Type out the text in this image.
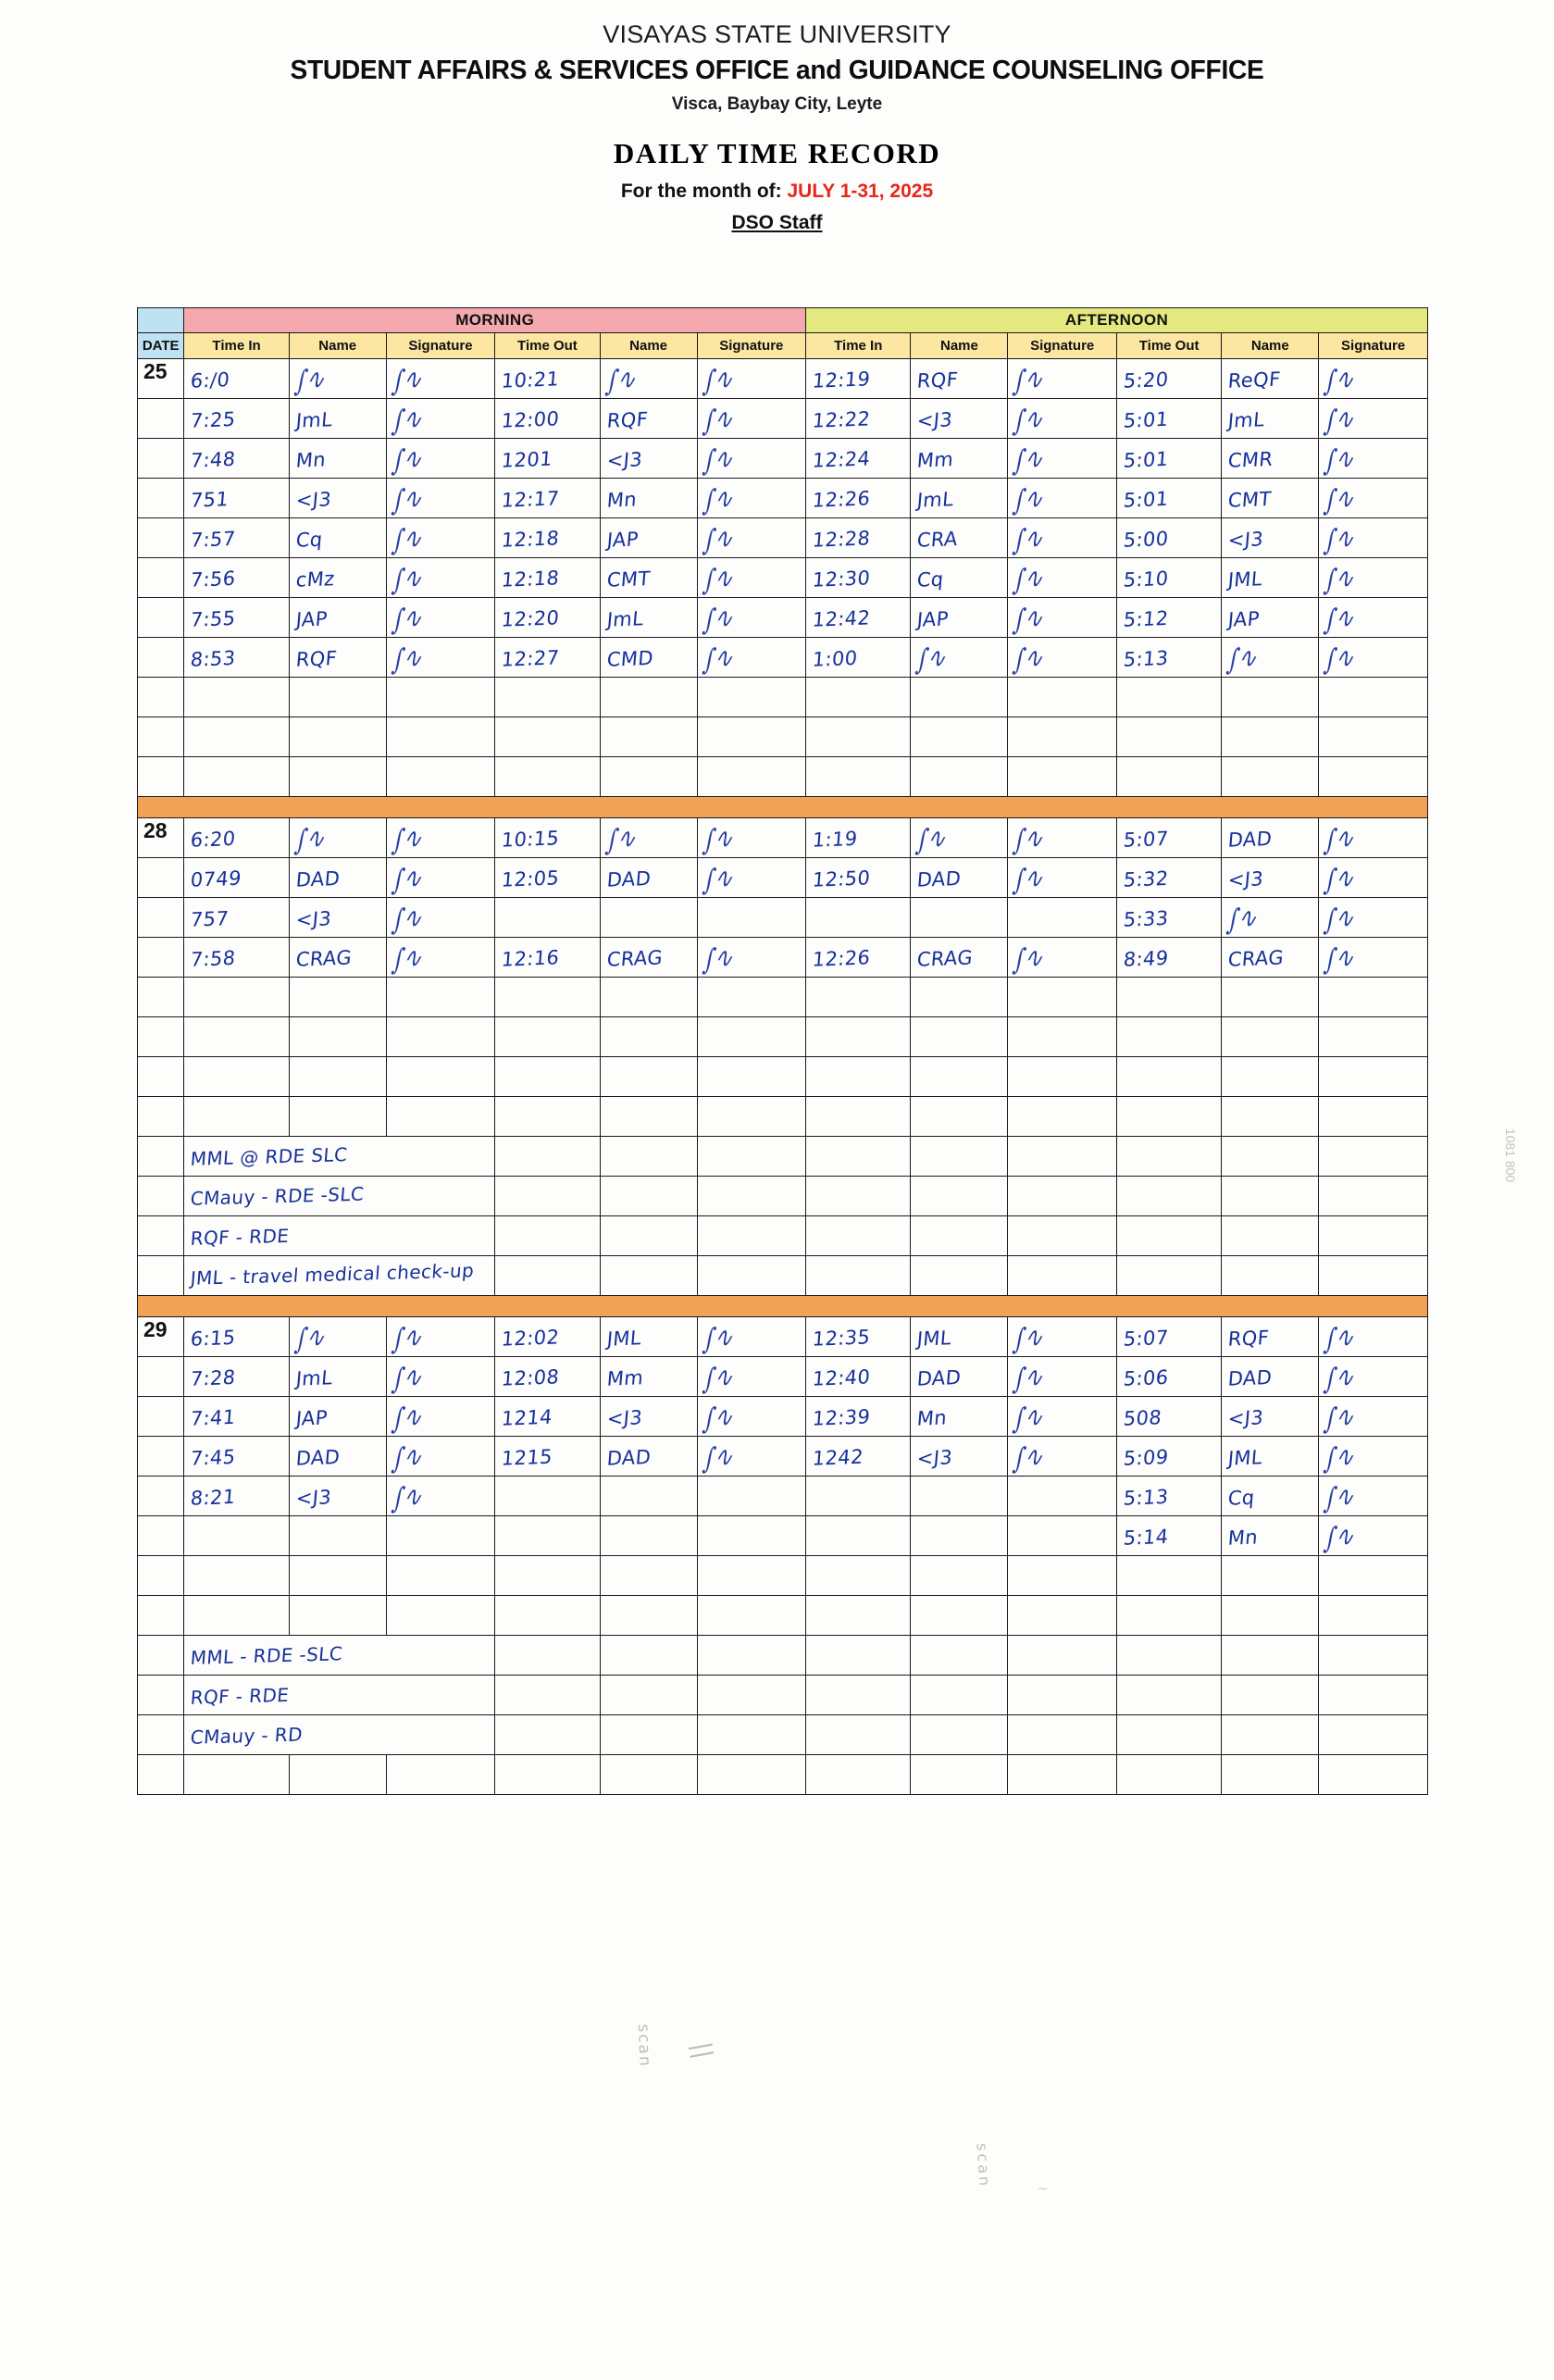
VISAYAS STATE UNIVERSITY
STUDENT AFFAIRS & SERVICES OFFICE and GUIDANCE COUNSELING OFFICE
Visca, Baybay City, Leyte
DAILY TIME RECORD
For the month of: JULY 1-31, 2025
DSO Staff
	MORNING						AFTERNOON					
DATE	Time In	Name	Signature	Time Out	Name	Signature	Time In	Name	Signature	Time Out	Name	Signature
25	6:/0	∫∿	∫∿	10:21	∫∿	∫∿	12:19	RQF	∫∿	5:20	ReQF	∫∿

	7:25	JmL	∫∿	12:00	RQF	∫∿	12:22	<J3	∫∿	5:01	JmL	∫∿

	7:48	Mn	∫∿	1201	<J3	∫∿	12:24	Mm	∫∿	5:01	CMR	∫∿

	751	<J3	∫∿	12:17	Mn	∫∿	12:26	JmL	∫∿	5:01	CMT	∫∿

	7:57	Cq	∫∿	12:18	JAP	∫∿	12:28	CRA	∫∿	5:00	<J3	∫∿

	7:56	cMz	∫∿	12:18	CMT	∫∿	12:30	Cq	∫∿	5:10	JML	∫∿

	7:55	JAP	∫∿	12:20	JmL	∫∿	12:42	JAP	∫∿	5:12	JAP	∫∿

	8:53	RQF	∫∿	12:27	CMD	∫∿	1:00	∫∿	∫∿	5:13	∫∿	∫∿

28	6:20	∫∿	∫∿	10:15	∫∿	∫∿	1:19	∫∿	∫∿	5:07	DAD	∫∿

	0749	DAD	∫∿	12:05	DAD	∫∿	12:50	DAD	∫∿	5:32	<J3	∫∿

	757	<J3	∫∿							5:33	∫∿	∫∿

	7:58	CRAG	∫∿	12:16	CRAG	∫∿	12:26	CRAG	∫∿	8:49	CRAG	∫∿

	MML @ RDE SLC											

	CMauy - RDE -SLC											

	RQF - RDE											

	JML - travel medical check-up											

29	6:15	∫∿	∫∿	12:02	JML	∫∿	12:35	JML	∫∿	5:07	RQF	∫∿

	7:28	JmL	∫∿	12:08	Mm	∫∿	12:40	DAD	∫∿	5:06	DAD	∫∿

	7:41	JAP	∫∿	1214	<J3	∫∿	12:39	Mn	∫∿	508	<J3	∫∿

	7:45	DAD	∫∿	1215	DAD	∫∿	1242	<J3	∫∿	5:09	JML	∫∿

	8:21	<J3	∫∿							5:13	Cq	∫∿

										5:14	Mn	∫∿

	MML - RDE -SLC											

	RQF - RDE											

	CMauy - RD											

scan ||
scan	~
1081 800
